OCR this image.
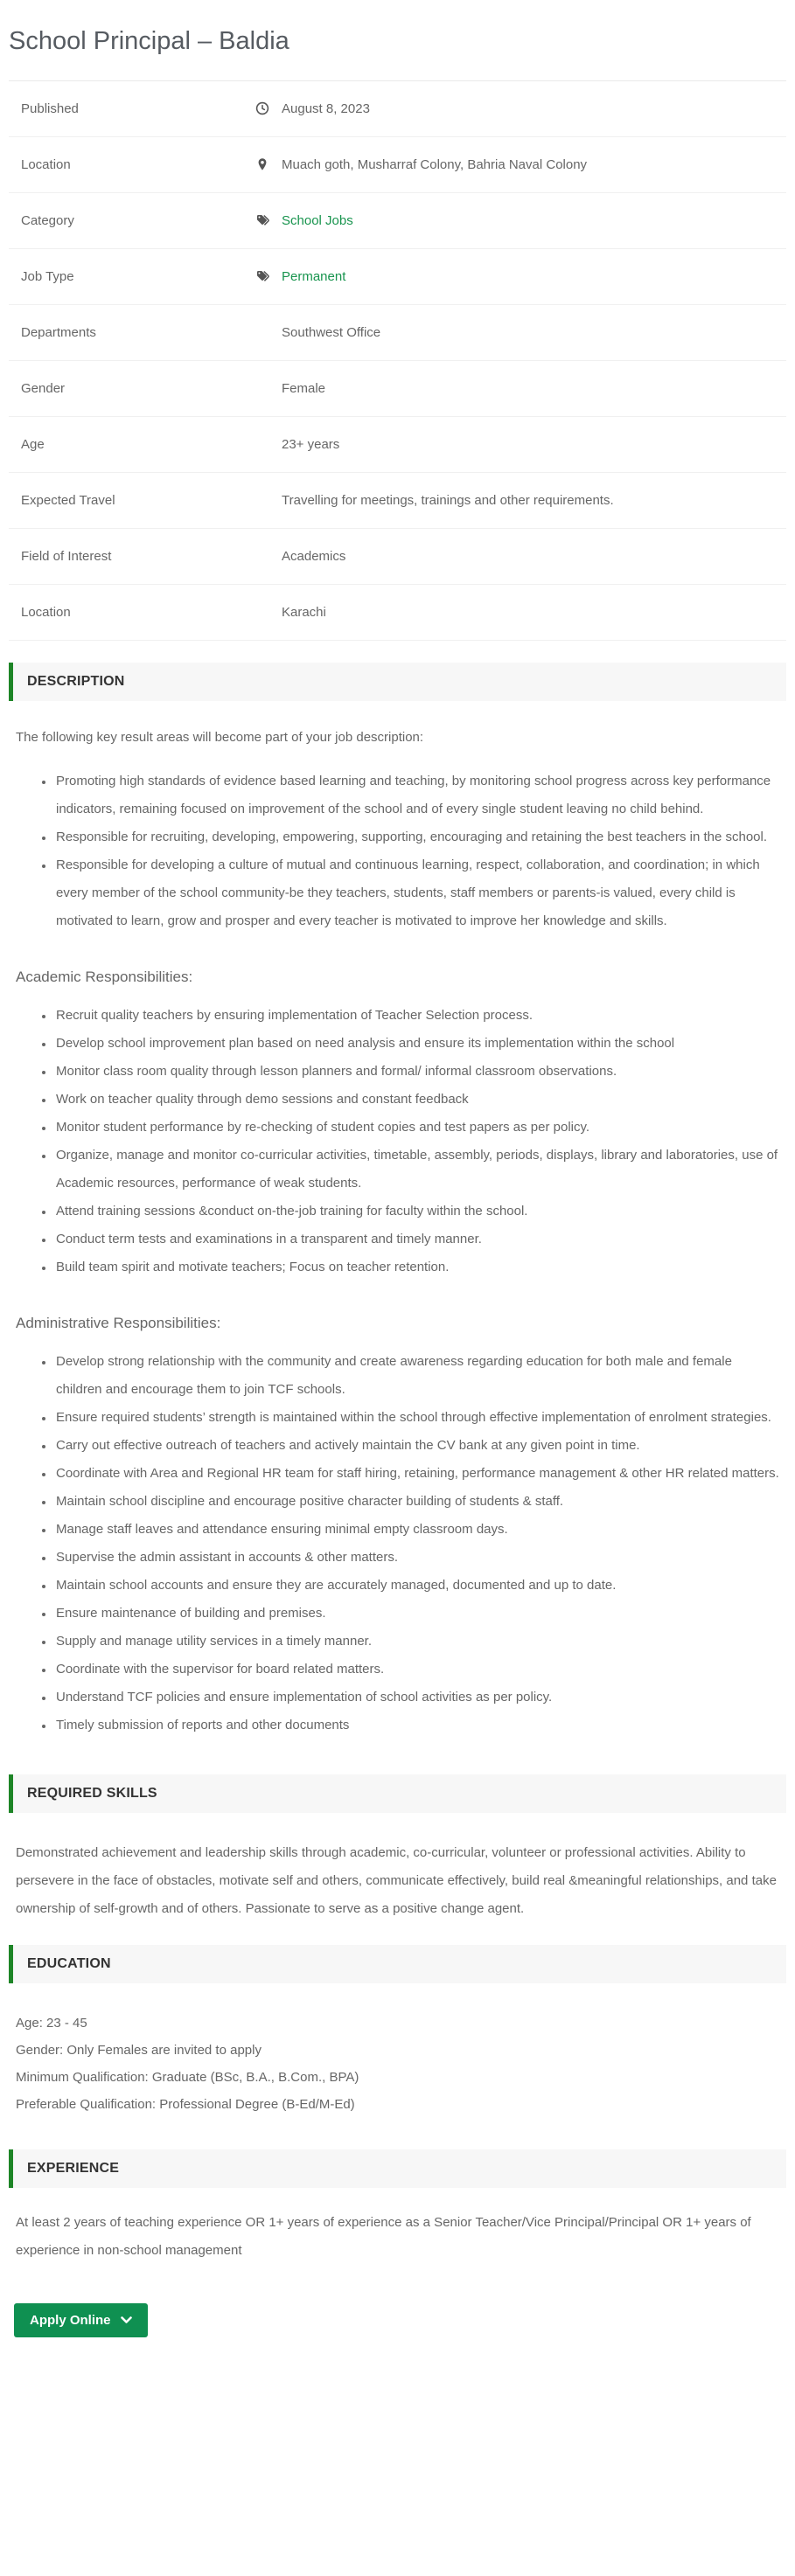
School Principal – Baldia
Published	August 8, 2023
Location	Muach goth, Musharraf Colony, Bahria Naval Colony
Category	School Jobs
Job Type	Permanent
Departments	Southwest Office
Gender	Female
Age	23+ years
Expected Travel	Travelling for meetings, trainings and other requirements.
Field of Interest	Academics
Location	Karachi
DESCRIPTION

The following key result areas will become part of your job description:

• Promoting high standards of evidence based learning and teaching, by monitoring school progress across key performance indicators, remaining focused on improvement of the school and of every single student leaving no child behind.
• Responsible for recruiting, developing, empowering, supporting, encouraging and retaining the best teachers in the school.
• Responsible for developing a culture of mutual and continuous learning, respect, collaboration, and coordination; in which every member of the school community-be they teachers, students, staff members or parents-is valued, every child is motivated to learn, grow and prosper and every teacher is motivated to improve her knowledge and skills.
Academic Responsibilities:
• Recruit quality teachers by ensuring implementation of Teacher Selection process.
• Develop school improvement plan based on need analysis and ensure its implementation within the school
• Monitor class room quality through lesson planners and formal/ informal classroom observations.
• Work on teacher quality through demo sessions and constant feedback
• Monitor student performance by re-checking of student copies and test papers as per policy.
• Organize, manage and monitor co-curricular activities, timetable, assembly, periods, displays, library and laboratories, use of Academic resources, performance of weak students.
• Attend training sessions &conduct on-the-job training for faculty within the school.
• Conduct term tests and examinations in a transparent and timely manner.
• Build team spirit and motivate teachers; Focus on teacher retention.
Administrative Responsibilities:
• Develop strong relationship with the community and create awareness regarding education for both male and female children and encourage them to join TCF schools.
• Ensure required students’ strength is maintained within the school through effective implementation of enrolment strategies.
• Carry out effective outreach of teachers and actively maintain the CV bank at any given point in time.
• Coordinate with Area and Regional HR team for staff hiring, retaining, performance management & other HR related matters.
• Maintain school discipline and encourage positive character building of students & staff.
• Manage staff leaves and attendance ensuring minimal empty classroom days.
• Supervise the admin assistant in accounts & other matters.
• Maintain school accounts and ensure they are accurately managed, documented and up to date.
• Ensure maintenance of building and premises.
• Supply and manage utility services in a timely manner.
• Coordinate with the supervisor for board related matters.
• Understand TCF policies and ensure implementation of school activities as per policy.
• Timely submission of reports and other documents
REQUIRED SKILLS

Demonstrated achievement and leadership skills through academic, co-curricular, volunteer or professional activities. Ability to persevere in the face of obstacles, motivate self and others, communicate effectively, build real &meaningful relationships, and take ownership of self-growth and of others. Passionate to serve as a positive change agent.

EDUCATION
Age: 23 - 45
Gender: Only Females are invited to apply
Minimum Qualification: Graduate (BSc, B.A., B.Com., BPA)
Preferable Qualification: Professional Degree (B-Ed/M-Ed)
EXPERIENCE

At least 2 years of teaching experience OR 1+ years of experience as a Senior Teacher/Vice Principal/Principal OR 1+ years of experience in non-school management

Apply Online
